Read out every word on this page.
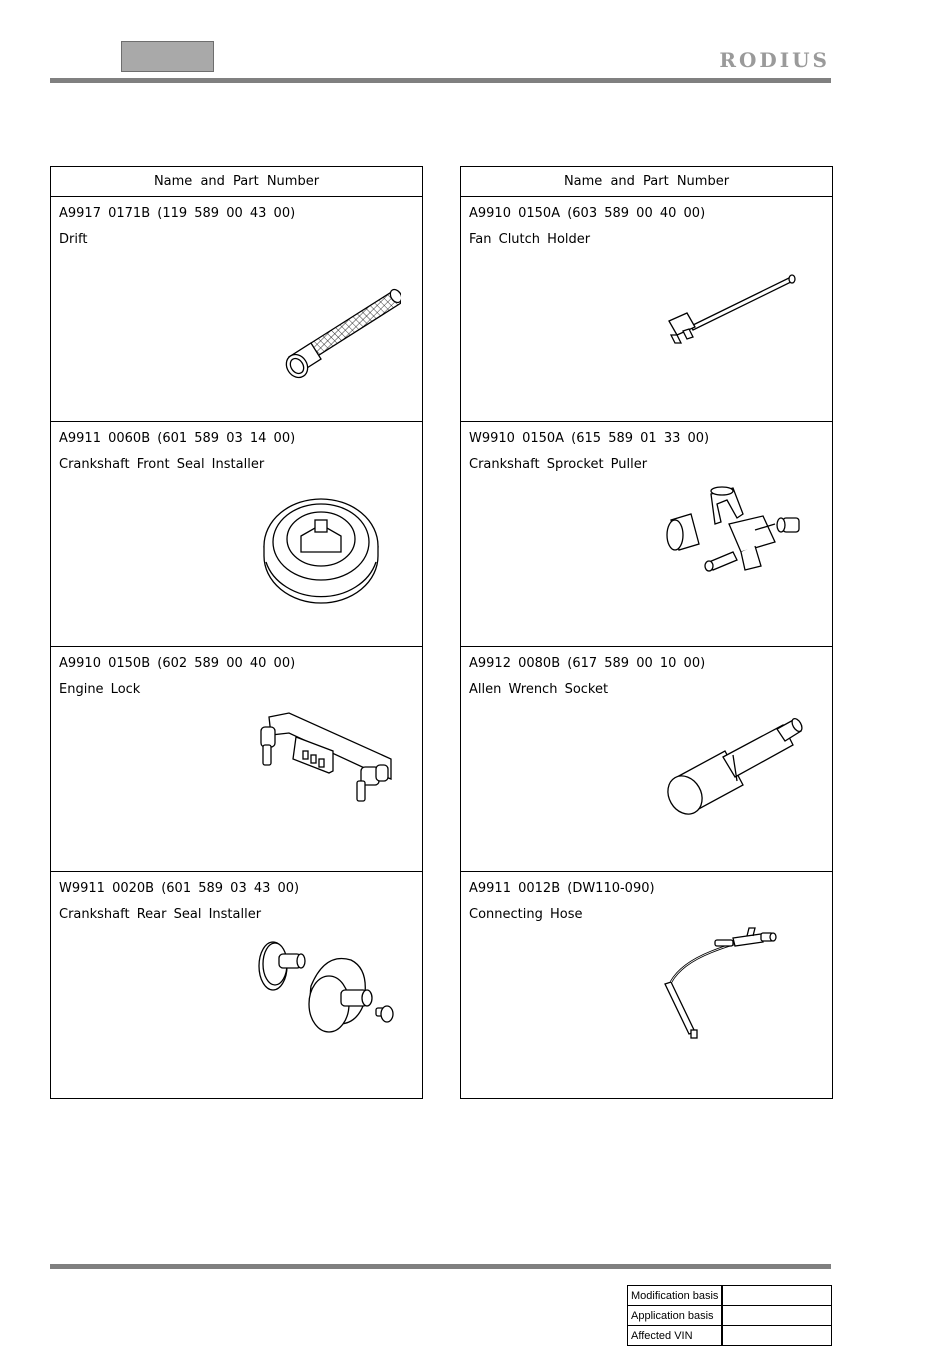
RODIUS
Name and Part Number
A9917 0171B (119 589 00 43 00)
Drift
A9911 0060B (601 589 03 14 00)
Crankshaft Front Seal Installer
A9910 0150B (602 589 00 40 00)
Engine Lock
W9911 0020B (601 589 03 43 00)
Crankshaft Rear Seal Installer
Name and Part Number
A9910 0150A (603 589 00 40 00)
Fan Clutch Holder
W9910 0150A (615 589 01 33 00)
Crankshaft Sprocket Puller
A9912 0080B (617 589 00 10 00)
Allen Wrench Socket
A9911 0012B (DW110-090)
Connecting Hose
Modification basis	
Application basis	
Affected VIN	
